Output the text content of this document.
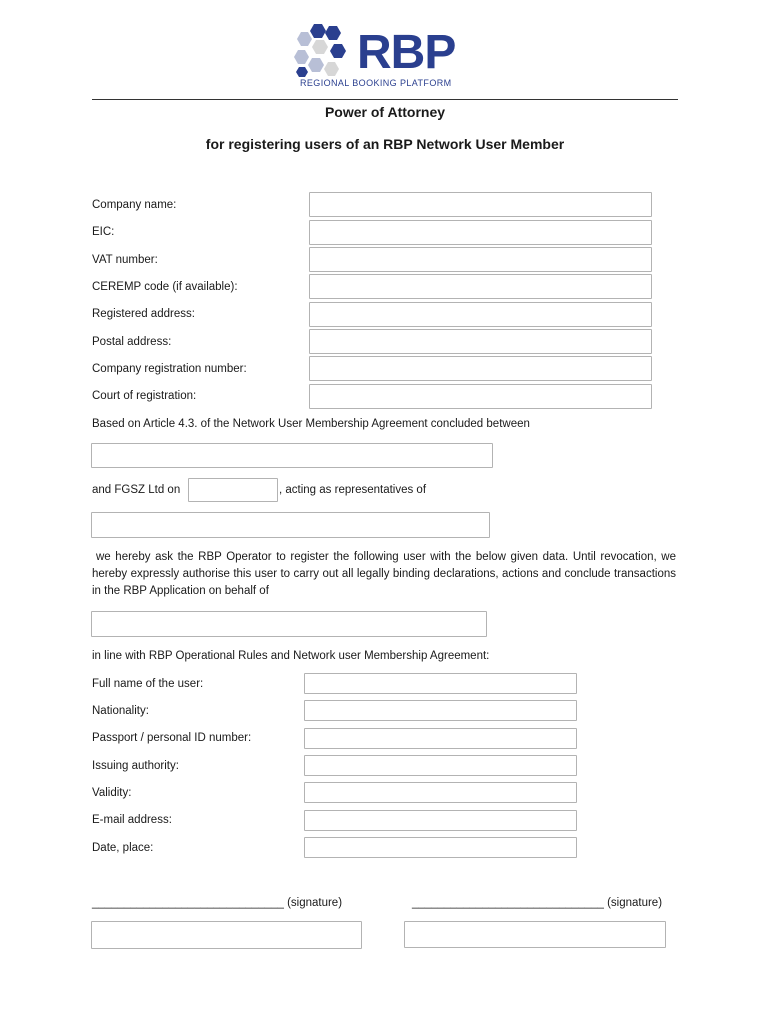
RBP
REGIONAL BOOKING PLATFORM
Power of Attorney
for registering users of an RBP Network User Member
Company name:
EIC:
VAT number:
CEREMP code (if available):
Registered address:
Postal address:
Company registration number:
Court of registration:
Based on Article 4.3. of the Network User Membership Agreement concluded between
and FGSZ Ltd on	, acting as representatives of
we hereby ask the RBP Operator to register the following user with the below given data. Until revocation, we hereby expressly authorise this user to carry out all legally binding declarations, actions and conclude transactions in the RBP Application on behalf of
in line with RBP Operational Rules and Network user Membership Agreement:
Full name of the user:
Nationality:
Passport / personal ID number:
Issuing authority:
Validity:
E-mail address:
Date, place:
______________________________ (signature)	______________________________ (signature)
